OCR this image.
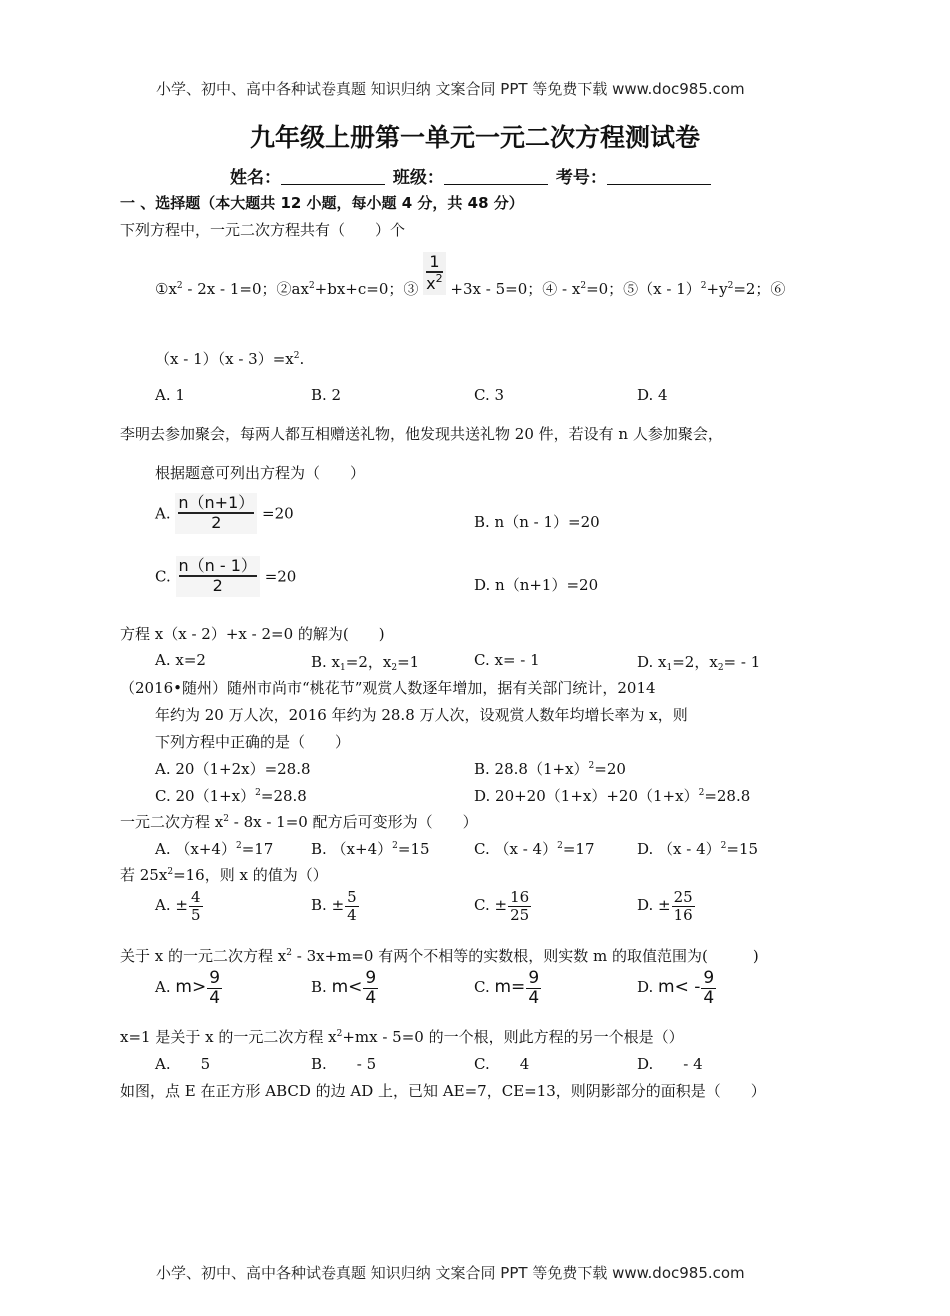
小学、初中、高中各种试卷真题 知识归纳 文案合同 PPT 等免费下载 www.doc985.com
九年级上册第一单元一元二次方程测试卷
姓名：	班级：	考号：
一 、选择题（本大题共 12 小题，每小题 4 分，共 48 分）
下列方程中，一元二次方程共有（　　）个
$①x^2 - 2x - 1=0$；$②ax^2+bx+c=0$；③ $\frac{1}{x^2} +3x - 5=0$；④ - $x^2=0$；⑤（x - $1)^2+y^2=2$；⑥
$(x - 1)(x - 3)=x^2$.
A. 1	B. 2	C. 3	D. 4
李明去参加聚会，每两人都互相赠送礼物，他发现共送礼物 20 件，若设有 n 人参加聚会，
根据题意可列出方程为（　　）
A. $\frac{n(n+1)}{2} =20$	B. n（n - 1）=20
C. $\frac{n(n - 1)}{2} =20$	D. n（n+1）=20
方程 x（x - 2）+x - 2=0 的解为(　　)
A. x=2	B. $x_1=2$，$x_2=1$	C. x= - 1	D. $x_1=2$，$x_2= - 1$
（2016•随州）随州市尚市“桃花节”观赏人数逐年增加，据有关部门统计，2014
年约为 20 万人次，2016 年约为 28.8 万人次，设观赏人数年均增长率为 x，则
下列方程中正确的是（　　）
A. 20（1+2x）=28.8	B. $28.8(1+x)^2=20$
C. $20(1+x)^2=28.8$	D. $20+20(1+x)+20(1+x)^2=28.8$
一元二次方程 $x^2 - 8x - 1=0$ 配方后可变形为（　　）
A. $(x+4)^2=17$	B. $(x+4)^2=15$	C. （x - 4）$^2$=17	D. （x - 4）$^2$=15
若 $25x^2=16$，则 x 的值为（）
A. ± $\frac{4}{5}$	B. ± $\frac{5}{4}$	C. ± $\frac{16}{25}$	D. ± $\frac{25}{16}$
关于 x 的一元二次方程 $x^2 - 3x+m=0$ 有两个不相等的实数根，则实数 m 的取值范围为(　　　)
A. $m> \frac{9}{4}$	B. $m< \frac{9}{4}$	C. $m= \frac{9}{4}$	D. $m< - \frac{9}{4}$
x=1 是关于 x 的一元二次方程 $x^2+mx - 5=0$ 的一个根，则此方程的另一个根是（）
A.　　5	B.　　- 5	C.　　4	D.　　- 4
如图，点 E 在正方形 ABCD 的边 AD 上，已知 AE=7，CE=13，则阴影部分的面积是（　　）
小学、初中、高中各种试卷真题 知识归纳 文案合同 PPT 等免费下载 www.doc985.com
